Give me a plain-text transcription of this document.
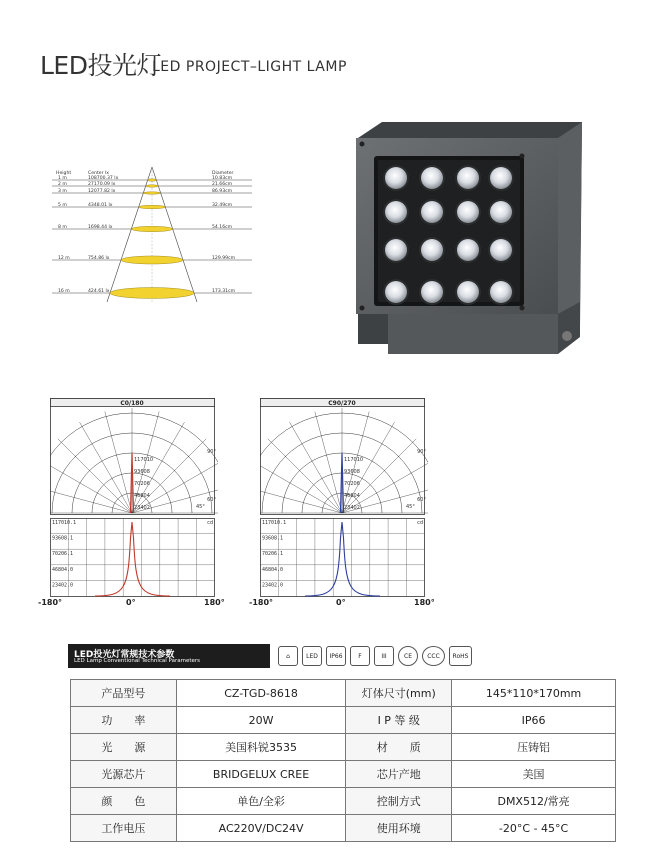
LED投光灯
LED PROJECT–LIGHT LAMP
Height	Center lx	Diameter
1 m	108700.37 lx	10.83cm
2 m	27170.09 lx	21.66cm
3 m	12077.82 lx	86.93cm
5 m	4348.01 lx	32.49cm
8 m	1698.44 lx	54.16cm
12 m	754.86 lx	129.99cm
16 m	424.61 lx	173.31cm
C0/180
23402
46804
70206
93608
117010
90°
60°
45°
C90/270
23402
46804
70206
93608
117010
90°
60°
45°
117010.1
93608.1
70206.1
46804.0
23402.0
cd	117010.1
93608.1
70206.1
46804.0
23402.0
cd
-180°	0°	180°	-180°	0°	180°
LED投光灯常规技术参数
LED Lamp Conventional Technical Parameters
⌂	LED	IP66	F	III	CE	CCC	RoHS
产品型号	CZ-TGD-8618	灯体尺寸(mm)	145*110*170mm
功　　率	20W	I P 等 级	IP66
光　　源	美国科锐3535	材　　质	压铸铝
光源芯片	BRIDGELUX CREE	芯片产地	美国
颜　　色	单色/全彩	控制方式	DMX512/常亮
工作电压	AC220V/DC24V	使用环境	-20°C - 45°C
